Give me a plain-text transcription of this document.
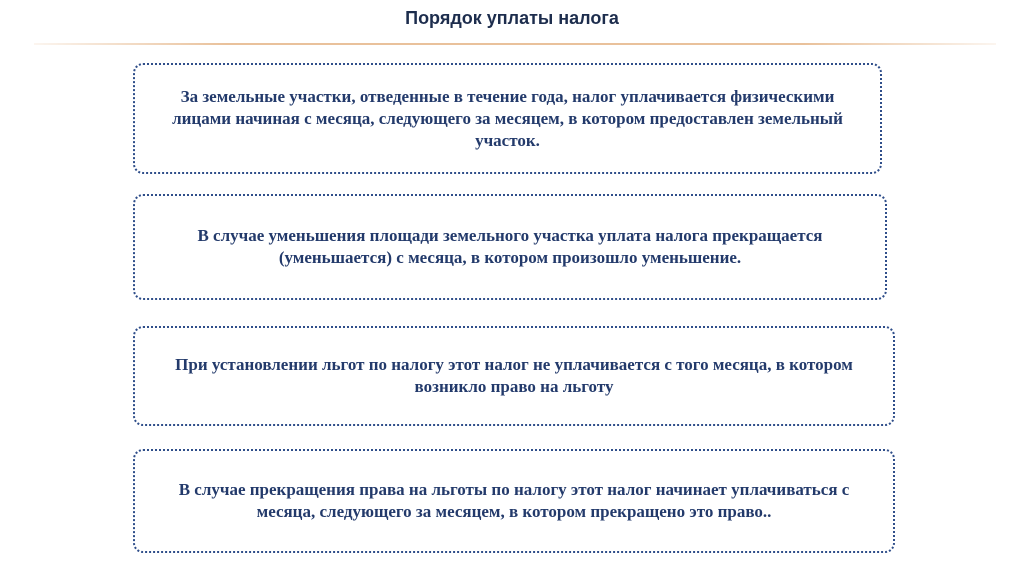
Порядок уплаты налога
За земельные участки, отведенные в течение года, налог уплачивается физическими лицами начиная с месяца, следующего за месяцем, в котором предоставлен земельный участок.
В случае уменьшения площади земельного участка уплата налога прекращается (уменьшается) с месяца, в котором произошло уменьшение.
При установлении льгот по налогу этот налог не уплачивается с того месяца, в котором возникло право на льготу
В случае прекращения права на льготы по налогу этот налог начинает уплачиваться с месяца, следующего за месяцем, в котором прекращено это право..
